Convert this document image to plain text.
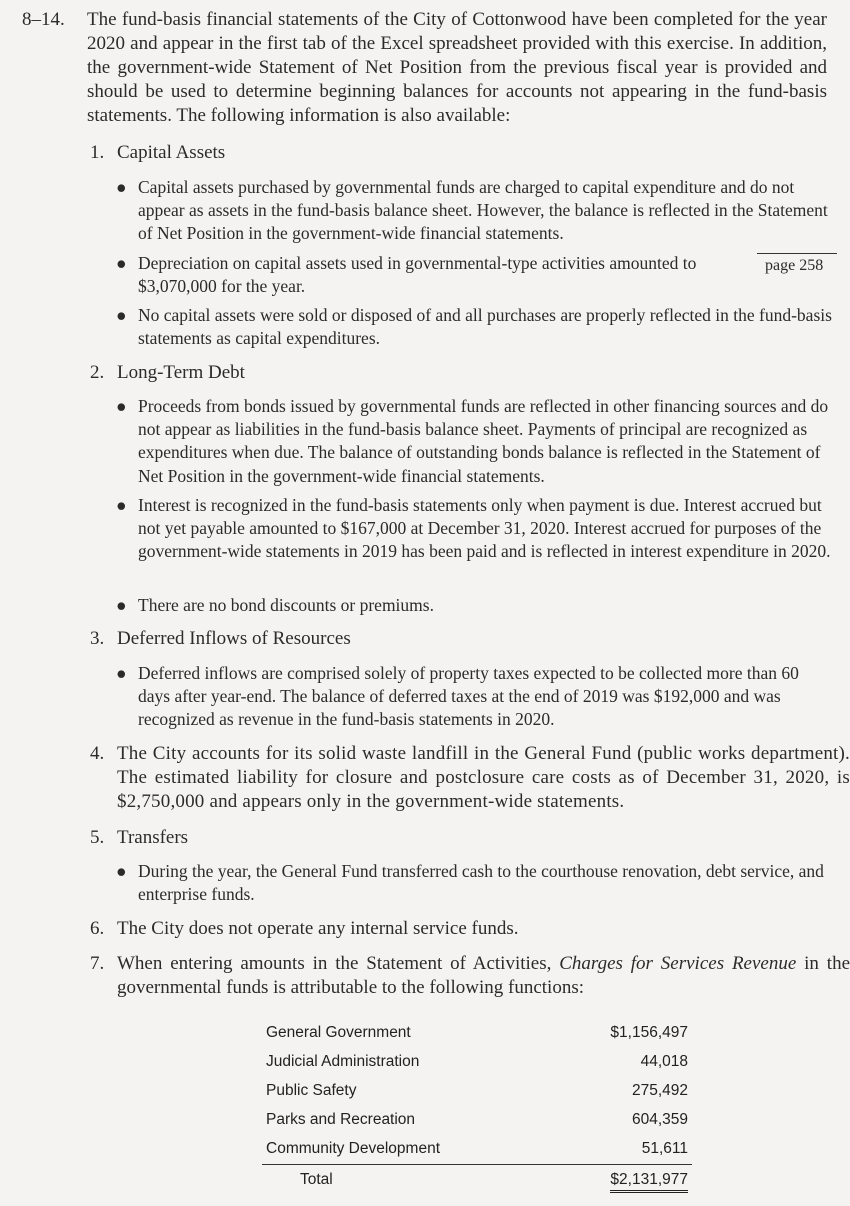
8–14. The fund-basis financial statements of the City of Cottonwood have been completed for the year 2020 and appear in the first tab of the Excel spreadsheet provided with this exercise. In addition, the government-wide Statement of Net Position from the previous fiscal year is provided and should be used to determine beginning balances for accounts not appearing in the fund-basis statements. The following information is also available:

1. Capital Assets
● Capital assets purchased by governmental funds are charged to capital expenditure and do not appear as assets in the fund-basis balance sheet. However, the balance is reflected in the Statement of Net Position in the government-wide financial statements.
● Depreciation on capital assets used in governmental-type activities amounted to $3,070,000 for the year.
page 258
● No capital assets were sold or disposed of and all purchases are properly reflected in the fund-basis statements as capital expenditures.
2. Long-Term Debt
● Proceeds from bonds issued by governmental funds are reflected in other financing sources and do not appear as liabilities in the fund-basis balance sheet. Payments of principal are recognized as expenditures when due. The balance of outstanding bonds balance is reflected in the Statement of Net Position in the government-wide financial statements.
● Interest is recognized in the fund-basis statements only when payment is due. Interest accrued but not yet payable amounted to $167,000 at December 31, 2020. Interest accrued for purposes of the government-wide statements in 2019 has been paid and is reflected in interest expenditure in 2020.
● There are no bond discounts or premiums.
3. Deferred Inflows of Resources
● Deferred inflows are comprised solely of property taxes expected to be collected more than 60 days after year-end. The balance of deferred taxes at the end of 2019 was $192,000 and was recognized as revenue in the fund-basis statements in 2020.
4. The City accounts for its solid waste landfill in the General Fund (public works department). The estimated liability for closure and postclosure care costs as of December 31, 2020, is $2,750,000 and appears only in the government-wide statements.
5. Transfers
● During the year, the General Fund transferred cash to the courthouse renovation, debt service, and enterprise funds.
6. The City does not operate any internal service funds.
7. When entering amounts in the Statement of Activities, Charges for Services Revenue in the governmental funds is attributable to the following functions:
General Government	$1,156,497
Judicial Administration	44,018
Public Safety	275,492
Parks and Recreation	604,359
Community Development	51,611
Total	$2,131,977
